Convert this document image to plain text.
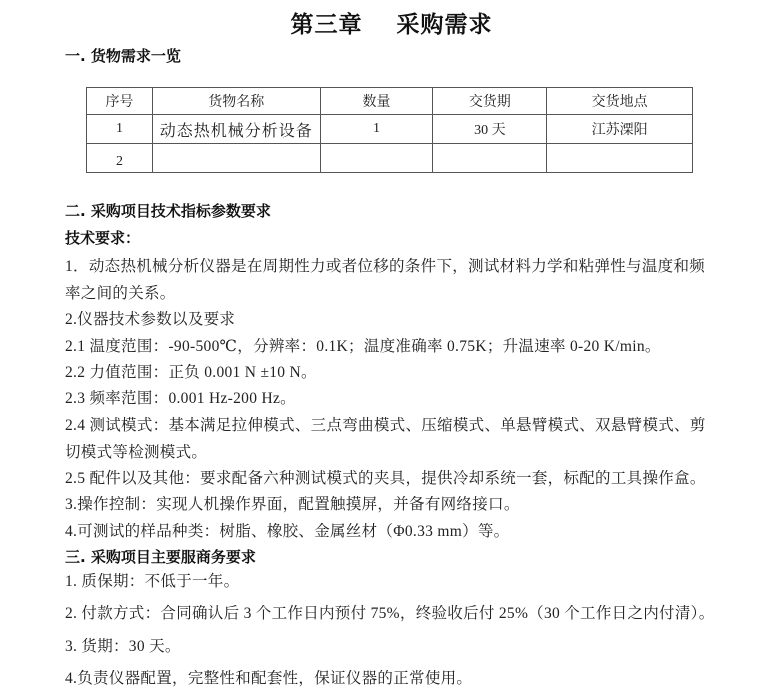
第三章 采购需求
一. 货物需求一览
序号	货物名称	数量	交货期	交货地点
1	动态热机械分析设备	1	30 天	江苏溧阳
2				
二. 采购项目技术指标参数要求
技术要求：
1．动态热机械分析仪器是在周期性力或者位移的条件下，测试材料力学和粘弹性与温度和频
率之间的关系。
2.仪器技术参数以及要求
2.1 温度范围：-90-500℃，分辨率：0.1K；温度准确率 0.75K；升温速率 0-20 K/min。
2.2 力值范围：正负 0.001 N ±10 N。
2.3 频率范围：0.001 Hz-200 Hz。
2.4 测试模式：基本满足拉伸模式、三点弯曲模式、压缩模式、单悬臂模式、双悬臂模式、剪
切模式等检测模式。
2.5 配件以及其他：要求配备六种测试模式的夹具，提供冷却系统一套，标配的工具操作盒。
3.操作控制：实现人机操作界面，配置触摸屏，并备有网络接口。
4.可测试的样品种类：树脂、橡胶、金属丝材（Φ0.33 mm）等。
三. 采购项目主要服商务要求
1. 质保期：不低于一年。
2. 付款方式：合同确认后 3 个工作日内预付 75%，终验收后付 25%（30 个工作日之内付清）。
3. 货期：30 天。
4.负责仪器配置，完整性和配套性，保证仪器的正常使用。
